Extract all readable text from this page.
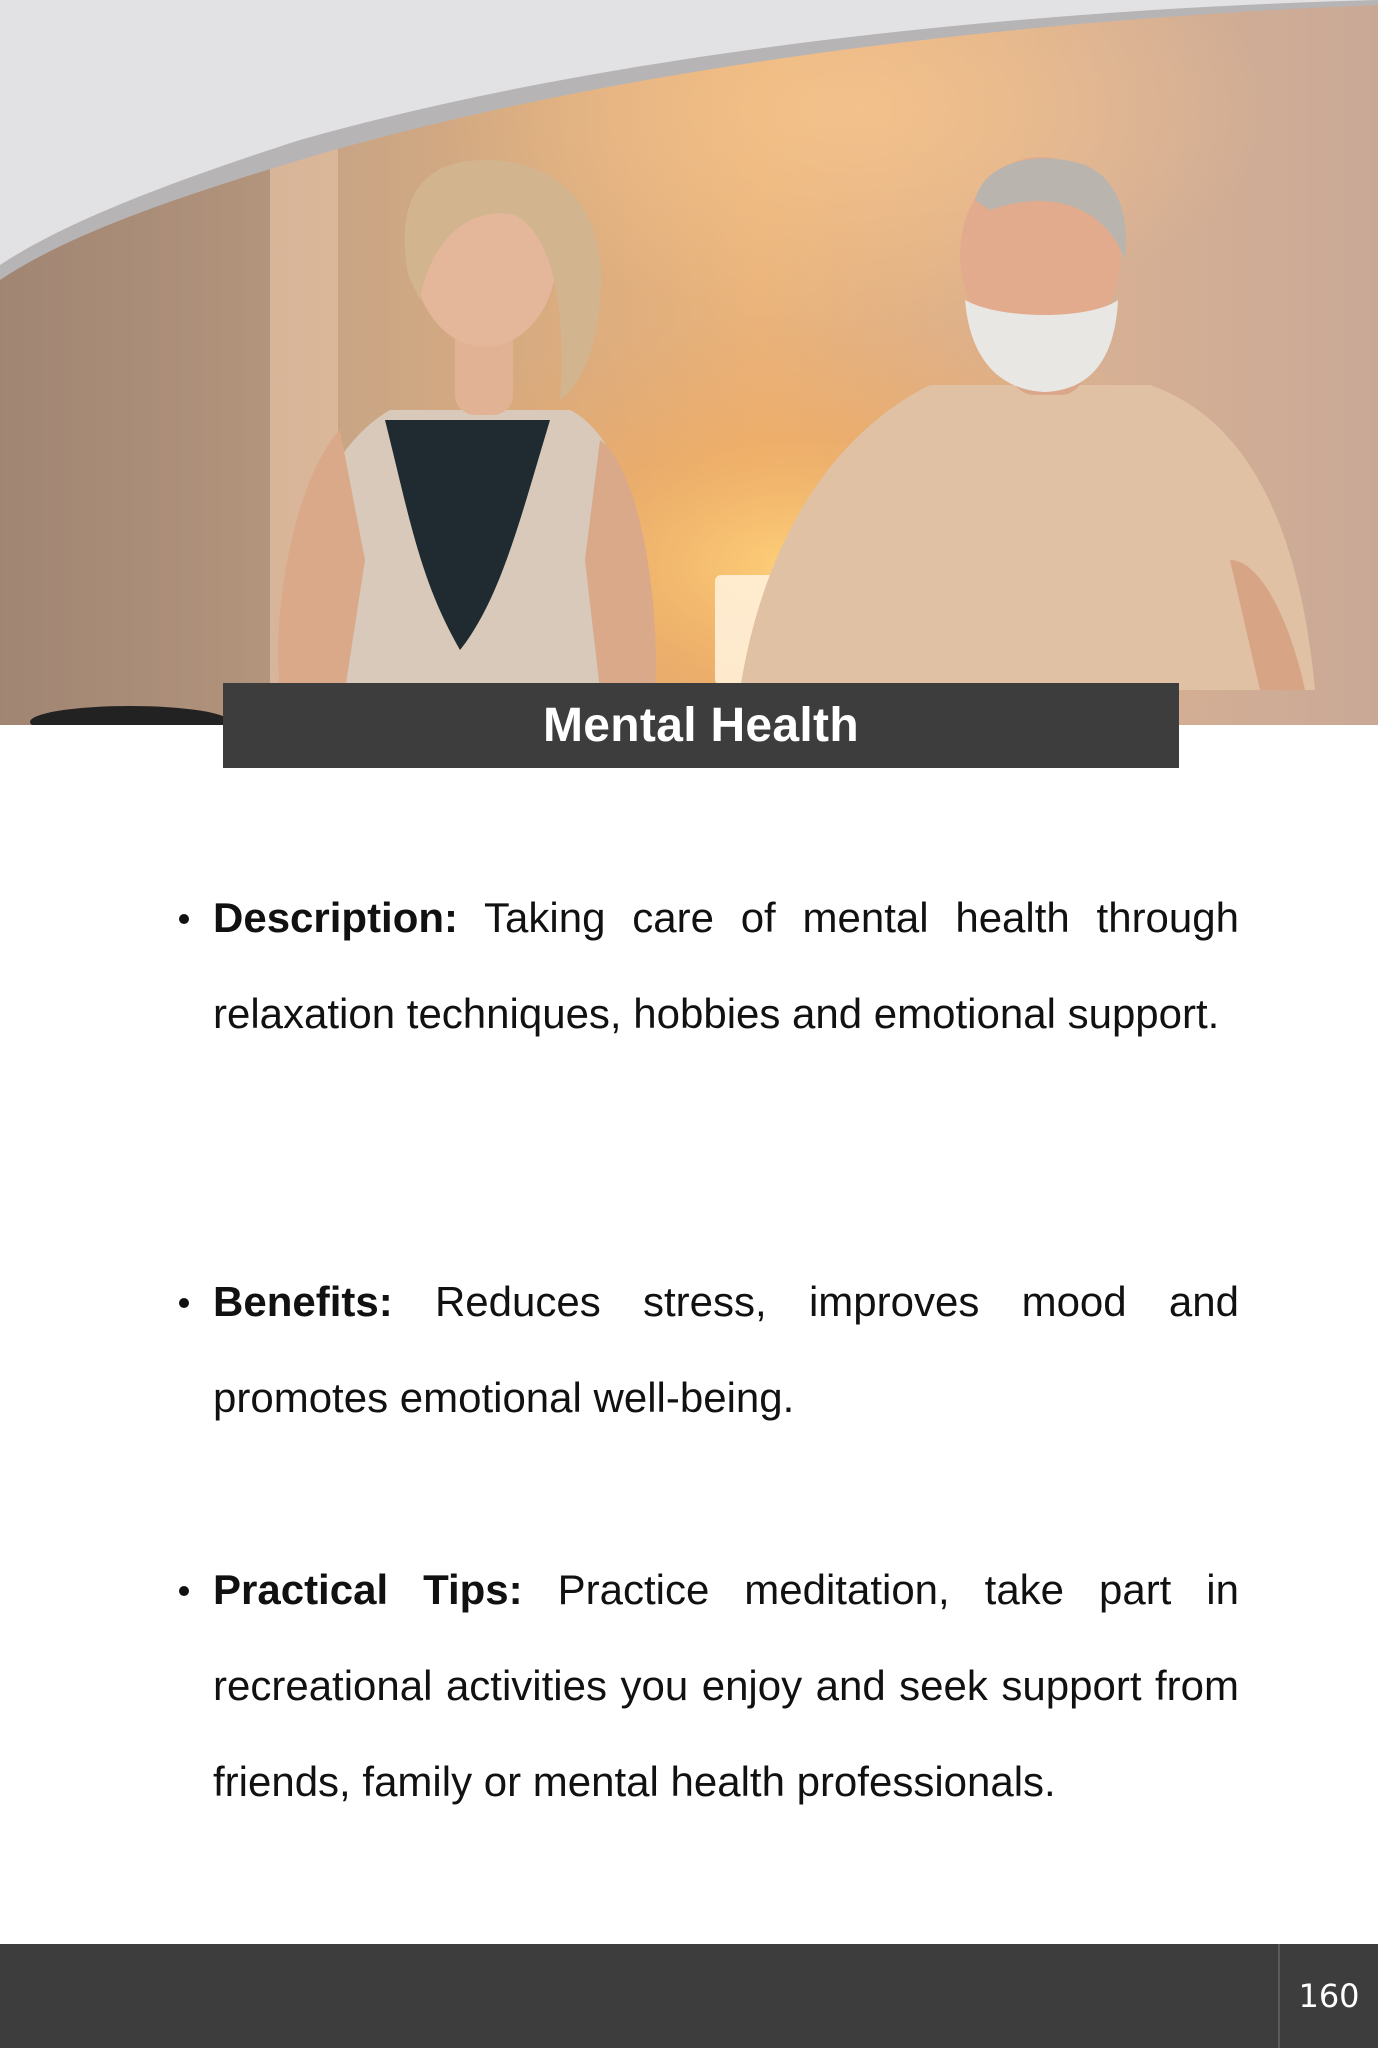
Mental Health
Description: Taking care of mental health through relaxation techniques, hobbies and emotional support.
Benefits: Reduces stress, improves mood and promotes emotional well-being.
Practical Tips: Practice meditation, take part in recreational activities you enjoy and seek support from friends, family or mental health professionals.
160
